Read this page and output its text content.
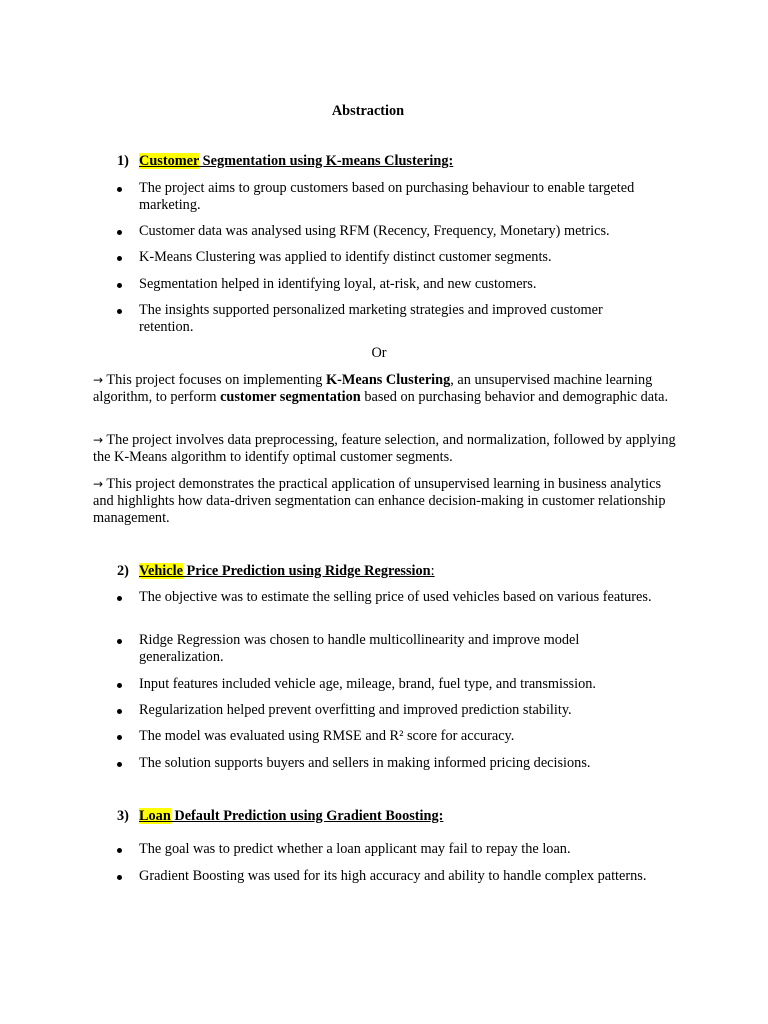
Abstraction
1) Customer Segmentation using K-means Clustering:
The project aims to group customers based on purchasing behaviour to enable targeted marketing.
Customer data was analysed using RFM (Recency, Frequency, Monetary) metrics.
K-Means Clustering was applied to identify distinct customer segments.
Segmentation helped in identifying loyal, at-risk, and new customers.
The insights supported personalized marketing strategies and improved customer retention.
Or
→ This project focuses on implementing K-Means Clustering, an unsupervised machine learning algorithm, to perform customer segmentation based on purchasing behavior and demographic data.
→ The project involves data preprocessing, feature selection, and normalization, followed by applying the K-Means algorithm to identify optimal customer segments.
→ This project demonstrates the practical application of unsupervised learning in business analytics and highlights how data-driven segmentation can enhance decision-making in customer relationship management.
2) Vehicle Price Prediction using Ridge Regression:
The objective was to estimate the selling price of used vehicles based on various features.
Ridge Regression was chosen to handle multicollinearity and improve model generalization.
Input features included vehicle age, mileage, brand, fuel type, and transmission.
Regularization helped prevent overfitting and improved prediction stability.
The model was evaluated using RMSE and R² score for accuracy.
The solution supports buyers and sellers in making informed pricing decisions.
3) Loan Default Prediction using Gradient Boosting:
The goal was to predict whether a loan applicant may fail to repay the loan.
Gradient Boosting was used for its high accuracy and ability to handle complex patterns.
